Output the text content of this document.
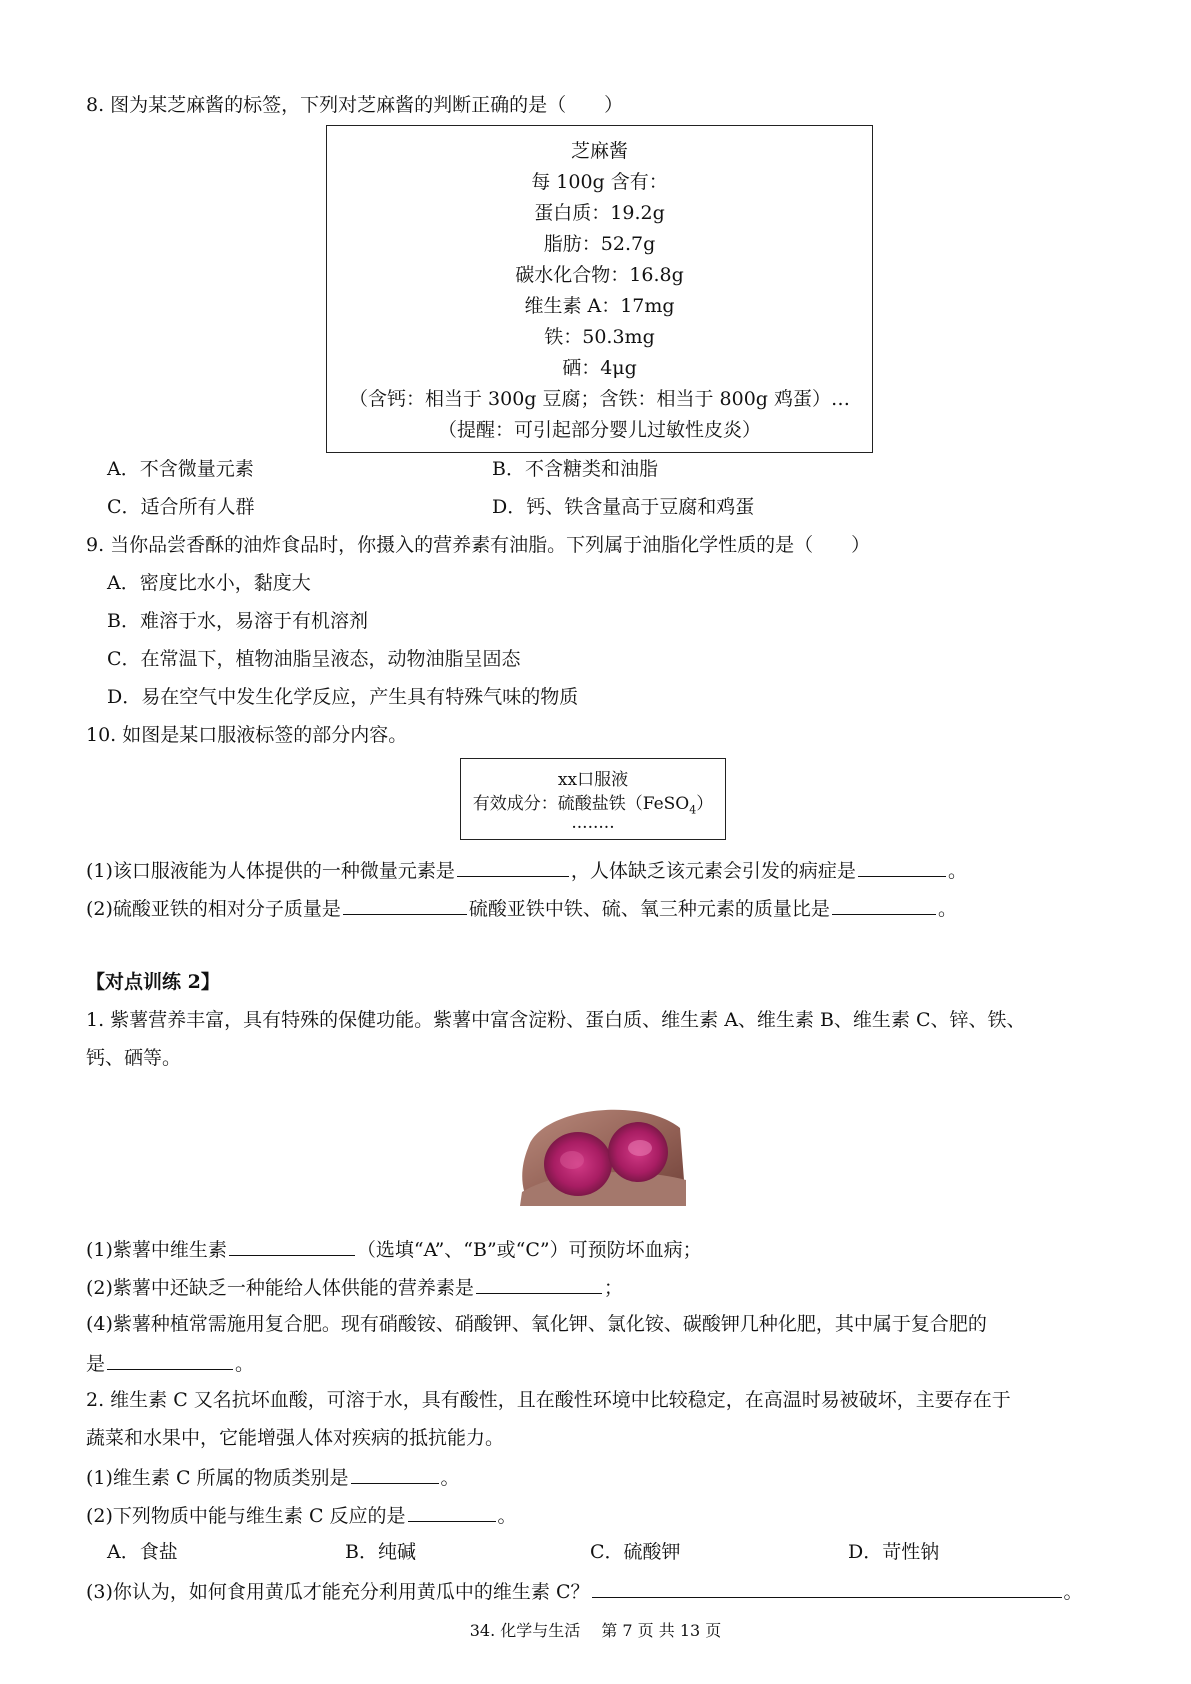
8. 图为某芝麻酱的标签，下列对芝麻酱的判断正确的是（　　）
芝麻酱
每 100g 含有：
蛋白质：19.2g
脂肪：52.7g
碳水化合物：16.8g
维生素 A：17mg
铁：50.3mg
硒：4μg
（含钙：相当于 300g 豆腐；含铁：相当于 800g 鸡蛋）…
（提醒：可引起部分婴儿过敏性皮炎）
A．不含微量元素	B．不含糖类和油脂
C．适合所有人群	D．钙、铁含量高于豆腐和鸡蛋
9. 当你品尝香酥的油炸食品时，你摄入的营养素有油脂。下列属于油脂化学性质的是（　　）
A．密度比水小，黏度大
B．难溶于水，易溶于有机溶剂
C．在常温下，植物油脂呈液态，动物油脂呈固态
D．易在空气中发生化学反应，产生具有特殊气味的物质
10. 如图是某口服液标签的部分内容。
xx口服液
有效成分：硫酸盐铁（FeSO$_4$）
........
(1)该口服液能为人体提供的一种微量元素是	，人体缺乏该元素会引发的病症是	。
(2)硫酸亚铁的相对分子质量是	硫酸亚铁中铁、硫、氧三种元素的质量比是	。
【对点训练 2】
1. 紫薯营养丰富，具有特殊的保健功能。紫薯中富含淀粉、蛋白质、维生素 A、维生素 B、维生素 C、锌、铁、
钙、硒等。
(1)紫薯中维生素	（选填“A”、“B”或“C”）可预防坏血病；
(2)紫薯中还缺乏一种能给人体供能的营养素是	；
(4)紫薯种植常需施用复合肥。现有硝酸铵、硝酸钾、氧化钾、氯化铵、碳酸钾几种化肥，其中属于复合肥的
是	。
2. 维生素 C 又名抗坏血酸，可溶于水，具有酸性，且在酸性环境中比较稳定，在高温时易被破坏，主要存在于
蔬菜和水果中，它能增强人体对疾病的抵抗能力。
(1)维生素 C 所属的物质类别是	。
(2)下列物质中能与维生素 C 反应的是	。
A．食盐	B．纯碱	C．硫酸钾	D．苛性钠
(3)你认为，如何食用黄瓜才能充分利用黄瓜中的维生素 C？	。
34. 化学与生活　 第 7 页 共 13 页
